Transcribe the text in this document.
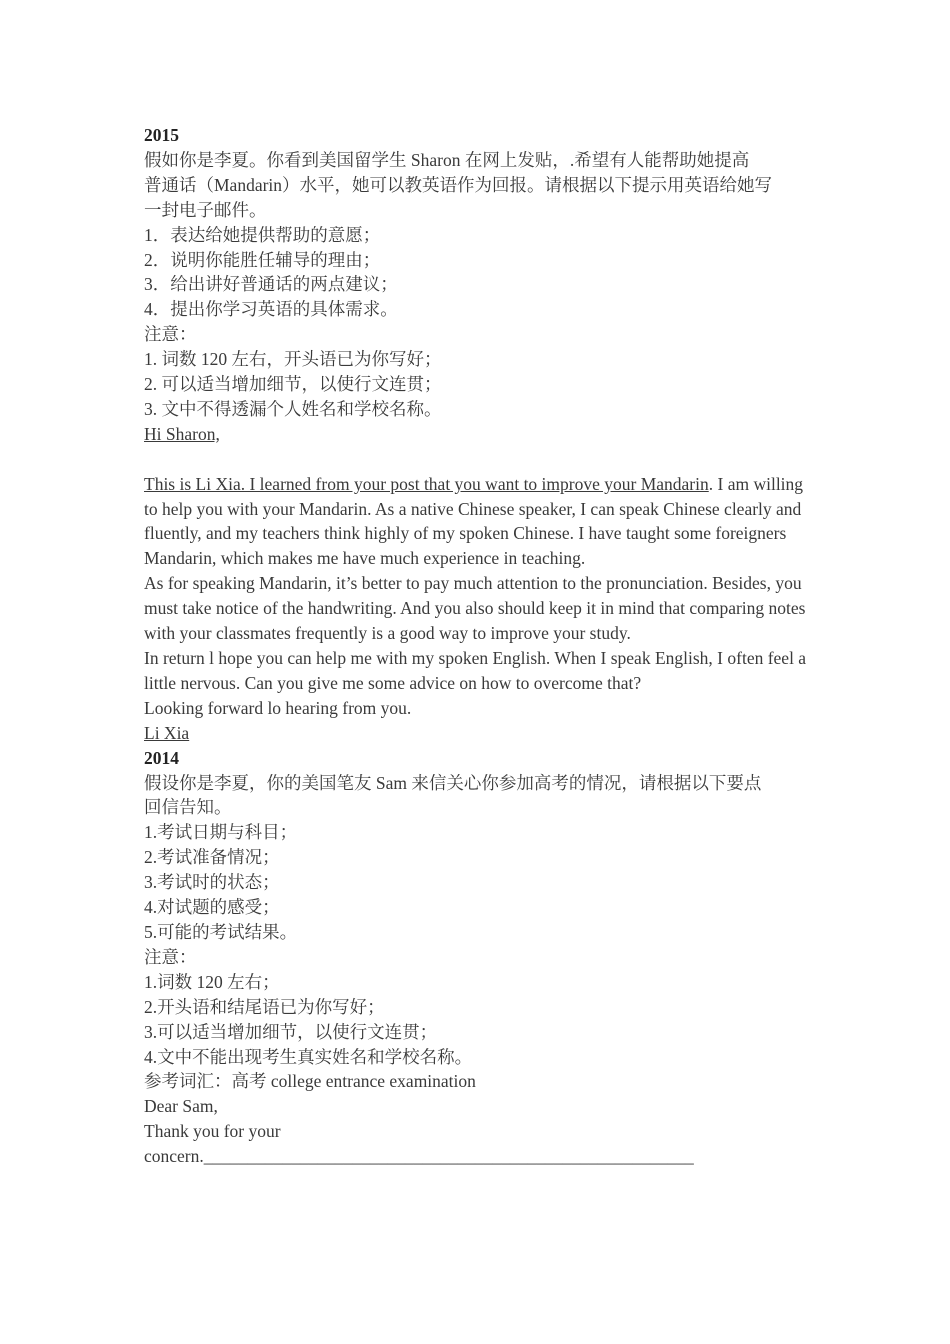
2015
假如你是李夏。你看到美国留学生 Sharon 在网上发贴，.希望有人能帮助她提高
普通话（Mandarin）水平，她可以教英语作为回报。请根据以下提示用英语给她写
一封电子邮件。
1．表达给她提供帮助的意愿；
2．说明你能胜任辅导的理由；
3．给出讲好普通话的两点建议；
4．提出你学习英语的具体需求。
注意：
1. 词数 120 左右，开头语已为你写好；
2. 可以适当增加细节，以使行文连贯；
3. 文中不得透漏个人姓名和学校名称。
Hi Sharon,
This is Li Xia. I learned from your post that you want to improve your Mandarin. I am willing to help you with your Mandarin. As a native Chinese speaker, I can speak Chinese clearly and fluently, and my teachers think highly of my spoken Chinese. I have taught some foreigners Mandarin, which makes me have much experience in teaching.
As for speaking Mandarin, it’s better to pay much attention to the pronunciation. Besides, you must take notice of the handwriting. And you also should keep it in mind that comparing notes with your classmates frequently is a good way to improve your study.
In return l hope you can help me with my spoken English. When I speak English, I often feel a little nervous. Can you give me some advice on how to overcome that?
Looking forward lo hearing from you.
Li Xia
2014
假设你是李夏，你的美国笔友 Sam 来信关心你参加高考的情况，请根据以下要点
回信告知。
1.考试日期与科目；
2.考试准备情况；
3.考试时的状态；
4.对试题的感受；
5.可能的考试结果。
注意：
1.词数 120 左右；
2.开头语和结尾语已为你写好；
3.可以适当增加细节，以使行文连贯；
4.文中不能出现考生真实姓名和学校名称。
参考词汇：高考 college entrance examination
Dear Sam,
Thank you for your
concern.________________________________________________________
